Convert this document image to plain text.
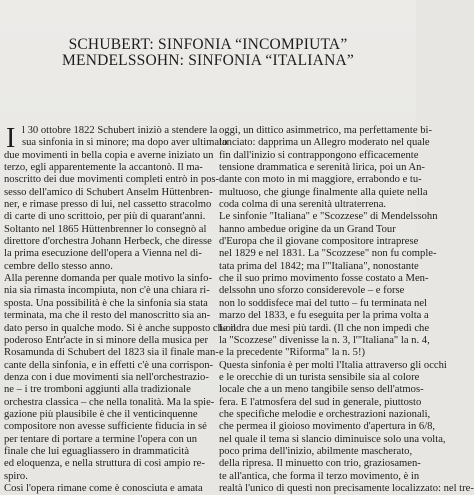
SCHUBERT: SINFONIA “INCOMPIUTA”
MENDELSSOHN: SINFONIA “ITALIANA”
I l 30 ottobre 1822 Schubert iniziò a stendere la
sua sinfonia in si minore; ma dopo aver ultimato
due movimenti in bella copia e averne iniziato un
terzo, egli apparentemente la accantonò. Il ma-
noscritto dei due movimenti completi entrò in pos-
sesso dell'amico di Schubert Anselm Hüttenbren-
ner, e rimase presso di lui, nel cassetto stracolmo
di carte di uno scrittoio, per più di quarant'anni.
Soltanto nel 1865 Hüttenbrenner lo consegnò al
direttore d'orchestra Johann Herbeck, che diresse
la prima esecuzione dell'opera a Vienna nel di-
cembre dello stesso anno.
Alla perenne domanda per quale motivo la sinfo-
nia sia rimasta incompiuta, non c'è una chiara ri-
sposta. Una possibilità è che la sinfonia sia stata
terminata, ma che il resto del manoscritto sia an-
dato perso in qualche modo. Si è anche supposto che il
poderoso Entr'acte in si minore della musica per
Rosamunda di Schubert del 1823 sia il finale man-
cante della sinfonia, e in effetti c'è una corrispon-
denza con i due movimenti sia nell'orchestrazio-
ne – i tre trombonі aggiunti alla tradizionale
orchestra classica – che nella tonalità. Ma la spie-
gazione più plausibile è che il venticinquenne
compositore non avesse sufficiente fiducia in sé
per tentare di portare a termine l'opera con un
finale che lui eguagliassero in drammaticità
ed eloquenza, e nella struttura di così ampio re-
spiro.
Così l'opera rimane come è conosciuta e amata
oggi, un dittico asimmetrico, ma perfettamente bi-
lanciato: dapprima un Allegro moderato nel quale
fin dall'inizio si contrappongono efficacemente
tensione drammatica e serenità lirica, poi un An-
dante con moto in mi maggiore, errabondo e tu-
multuoso, che giunge finalmente alla quiete nella
coda colma di una serenità ultraterrena.
Le sinfonie "Italiana" e "Scozzese" di Mendelssohn
hanno ambedue origine da un Grand Tour
d'Europa che il giovane compositore intraprese
nel 1829 e nel 1831. La "Scozzese" non fu comple-
tata prima del 1842; ma l'"Italiana", nonostante
che il suo primo movimento fosse costato a Men-
delssohn uno sforzo considerevole – e forse
non lo soddisfece mai del tutto – fu terminata nel
marzo del 1833, e fu eseguita per la prima volta a
Londra due mesi più tardi. (Il che non impedì che
la "Scozzese" divenisse la n. 3, l'"Italiana" la n. 4,
e la precedente "Riforma" la n. 5!)
Questa sinfonia è per molti l'Italia attraverso gli occhi
e le orecchie di un turista sensibile sia al colore
locale che a un meno tangibile senso dell'atmos-
fera. E l'atmosfera del sud in generale, piuttosto
che specifiche melodie e orchestrazioni nazionali,
che permea il gioioso movimento d'apertura in 6/8,
nel quale il tema si slancio diminuisce solo una volta,
poco prima dell'inizio, abilmente mascherato,
della ripresa. Il minuetto con trio, graziosamen-
te all'antica, che forma il terzo movimento, è in
realtà l'unico di questi non precisamente localizzato: nel tre-
